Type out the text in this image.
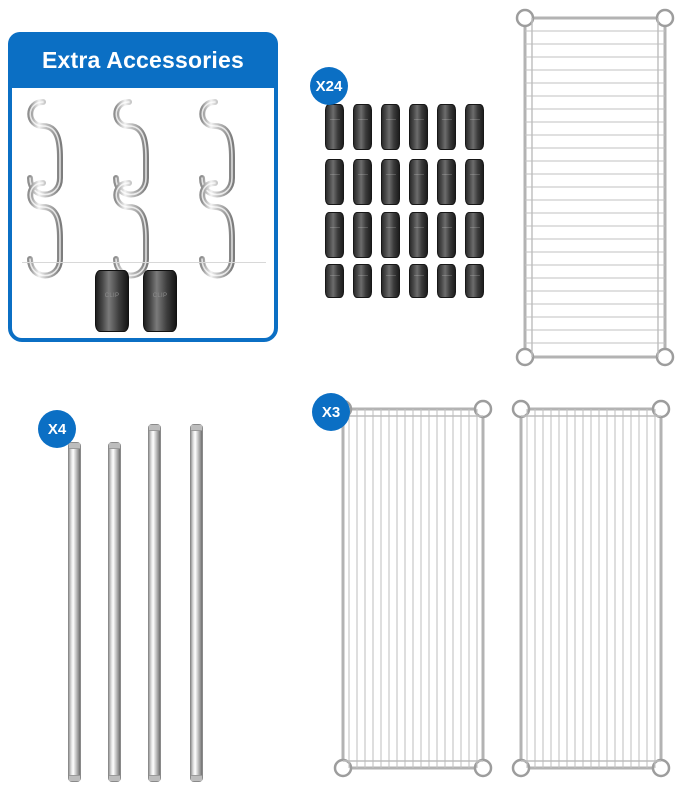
Extra Accessories
CLIP	CLIP
X24
X4
X3
